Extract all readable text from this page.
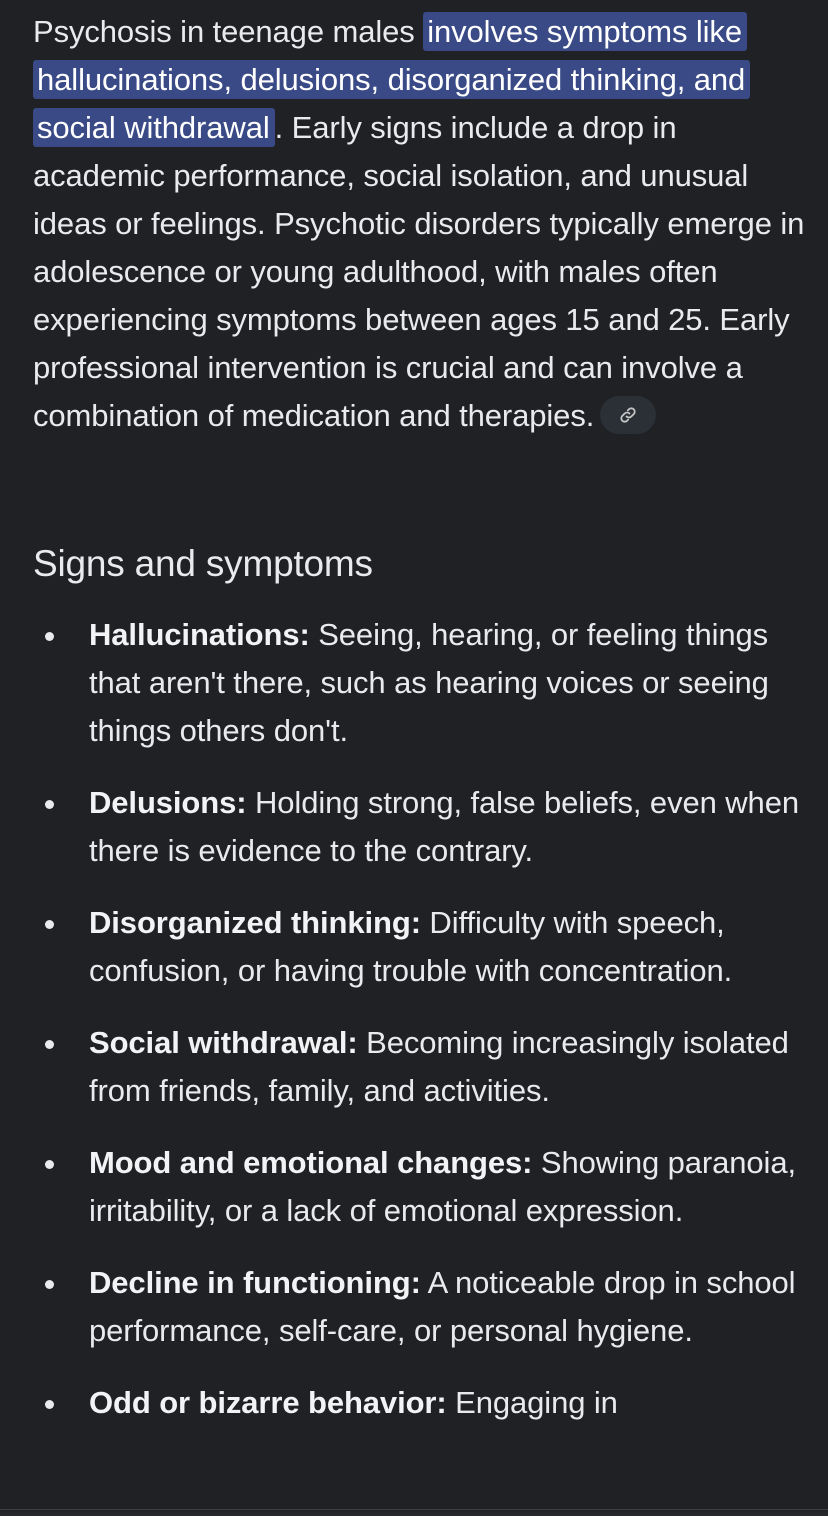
Psychosis in teenage males involves symptoms like hallucinations, delusions, disorganized thinking, and social withdrawal . Early signs include a drop in academic performance, social isolation, and unusual ideas or feelings. Psychotic disorders typically emerge in adolescence or young adulthood, with males often experiencing symptoms between ages 15 and 25. Early professional intervention is crucial and can involve a combination of medication and therapies.

Signs and symptoms
Hallucinations: Seeing, hearing, or feeling things that aren't there, such as hearing voices or seeing things others don't.
Delusions: Holding strong, false beliefs, even when there is evidence to the contrary.
Disorganized thinking: Difficulty with speech, confusion, or having trouble with concentration.
Social withdrawal: Becoming increasingly isolated from friends, family, and activities.
Mood and emotional changes: Showing paranoia, irritability, or a lack of emotional expression.
Decline in functioning: A noticeable drop in school performance, self-care, or personal hygiene.
Odd or bizarre behavior: Engaging in
